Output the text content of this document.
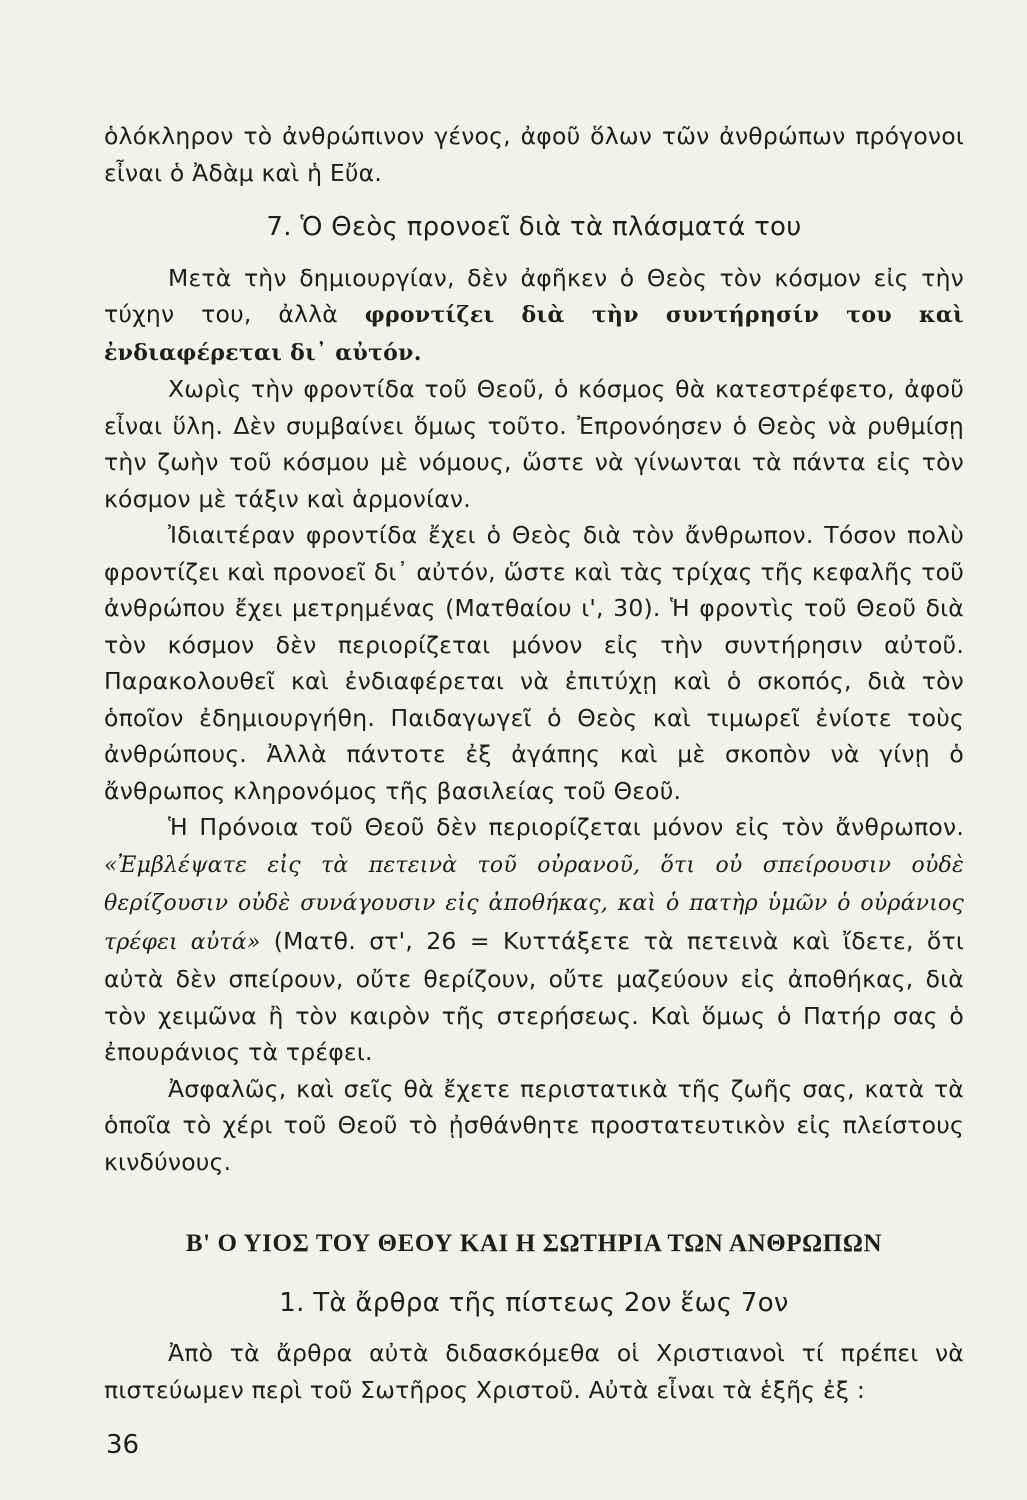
ὁλόκληρον τὸ ἀνθρώπινον γένος, ἀφοῦ ὅλων τῶν ἀνθρώπων πρόγονοι εἶναι ὁ Ἀδὰμ καὶ ἡ Εὔα.

7. Ὁ Θεὸς προνοεῖ διὰ τὰ πλάσματά του

Μετὰ τὴν δημιουργίαν, δὲν ἀφῆκεν ὁ Θεὸς τὸν κόσμον εἰς τὴν τύχην του, ἀλλὰ φροντίζει διὰ τὴν συντήρησίν του καὶ ἐνδιαφέρεται δι᾽ αὐτόν.

Χωρὶς τὴν φροντίδα τοῦ Θεοῦ, ὁ κόσμος θὰ κατεστρέφετο, ἀφοῦ εἶναι ὕλη. Δὲν συμβαίνει ὅμως τοῦτο. Ἐπρονόησεν ὁ Θεὸς νὰ ρυθμίσῃ τὴν ζωὴν τοῦ κόσμου μὲ νόμους, ὥστε νὰ γίνωνται τὰ πάντα εἰς τὸν κόσμον μὲ τάξιν καὶ ἁρμονίαν.

Ἰδιαιτέραν φροντίδα ἔχει ὁ Θεὸς διὰ τὸν ἄνθρωπον. Τόσον πολὺ φροντίζει καὶ προνοεῖ δι᾽ αὐτόν, ὥστε καὶ τὰς τρίχας τῆς κεφαλῆς τοῦ ἀνθρώπου ἔχει μετρημένας (Ματθαίου ι', 30). Ἡ φροντὶς τοῦ Θεοῦ διὰ τὸν κόσμον δὲν περιορίζεται μόνον εἰς τὴν συντήρησιν αὐτοῦ. Παρακολουθεῖ καὶ ἐνδιαφέρεται νὰ ἐπιτύχῃ καὶ ὁ σκοπός, διὰ τὸν ὁποῖον ἐδημιουργήθη. Παιδαγωγεῖ ὁ Θεὸς καὶ τιμωρεῖ ἐνίοτε τοὺς ἀνθρώπους. Ἀλλὰ πάντοτε ἐξ ἀγάπης καὶ μὲ σκοπὸν νὰ γίνῃ ὁ ἄνθρωπος κληρονόμος τῆς βασιλείας τοῦ Θεοῦ.

Ἡ Πρόνοια τοῦ Θεοῦ δὲν περιορίζεται μόνον εἰς τὸν ἄνθρωπον. «Ἐμβλέψατε εἰς τὰ πετεινὰ τοῦ οὐρανοῦ, ὅτι οὐ σπείρουσιν οὐδὲ θερίζουσιν οὐδὲ συνάγουσιν εἰς ἀποθήκας, καὶ ὁ πατὴρ ὑμῶν ὁ οὐράνιος τρέφει αὐτά» (Ματθ. στ', 26 = Κυττάξετε τὰ πετεινὰ καὶ ἴδετε, ὅτι αὐτὰ δὲν σπείρουν, οὔτε θερίζουν, οὔτε μαζεύουν εἰς ἀποθήκας, διὰ τὸν χειμῶνα ἢ τὸν καιρὸν τῆς στερήσεως. Καὶ ὅμως ὁ Πατήρ σας ὁ ἐπουράνιος τὰ τρέφει.

Ἀσφαλῶς, καὶ σεῖς θὰ ἔχετε περιστατικὰ τῆς ζωῆς σας, κατὰ τὰ ὁποῖα τὸ χέρι τοῦ Θεοῦ τὸ ᾐσθάνθητε προστατευτικὸν εἰς πλείστους κινδύνους.

Β' Ο ΥΙΟΣ ΤΟΥ ΘΕΟΥ ΚΑΙ Η ΣΩΤΗΡΙΑ ΤΩΝ ΑΝΘΡΩΠΩΝ
1. Τὰ ἄρθρα τῆς πίστεως 2ον ἕως 7ον

Ἀπὸ τὰ ἄρθρα αὐτὰ διδασκόμεθα οἱ Χριστιανοὶ τί πρέπει νὰ πιστεύωμεν περὶ τοῦ Σωτῆρος Χριστοῦ. Αὐτὰ εἶναι τὰ ἑξῆς ἐξ :

36
